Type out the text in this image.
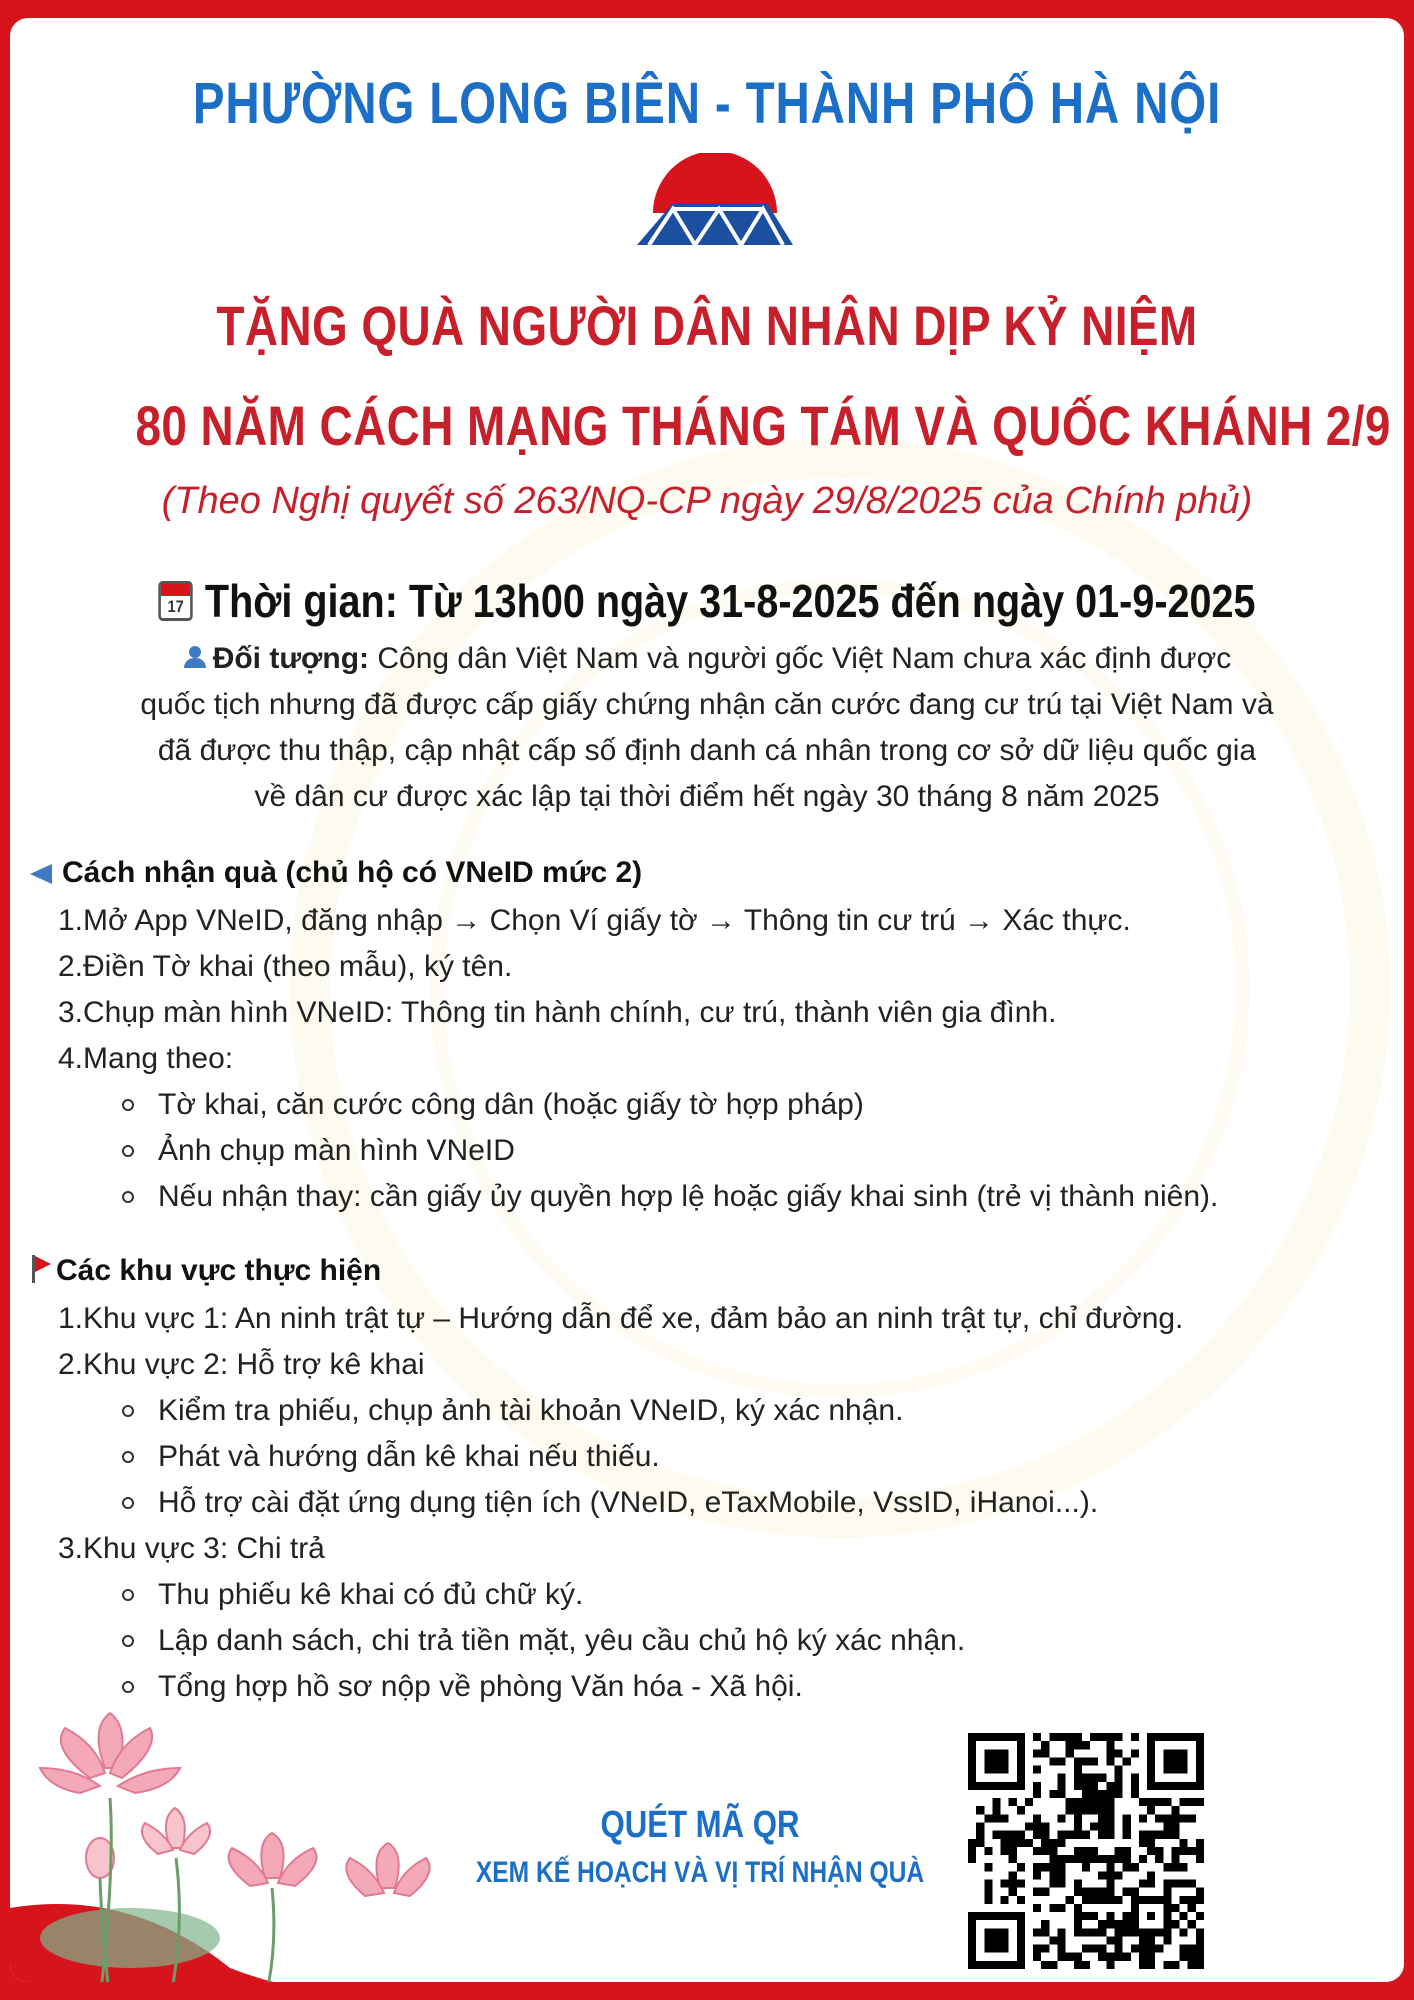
PHƯỜNG LONG BIÊN - THÀNH PHỐ HÀ NỘI
TẶNG QUÀ NGƯỜI DÂN NHÂN DỊP KỶ NIỆM
80 NĂM CÁCH MẠNG THÁNG TÁM VÀ QUỐC KHÁNH 2/9
(Theo Nghị quyết số 263/NQ-CP ngày 29/8/2025 của Chính phủ)
17Thời gian: Từ 13h00 ngày 31-8-2025 đến ngày 01-9-2025
Đối tượng: Công dân Việt Nam và người gốc Việt Nam chưa xác định được
quốc tịch nhưng đã được cấp giấy chứng nhận căn cước đang cư trú tại Việt Nam và
đã được thu thập, cập nhật cấp số định danh cá nhân trong cơ sở dữ liệu quốc gia
về dân cư được xác lập tại thời điểm hết ngày 30 tháng 8 năm 2025
Cách nhận quà (chủ hộ có VNeID mức 2)
1.Mở App VNeID, đăng nhập → Chọn Ví giấy tờ → Thông tin cư trú → Xác thực.
2.Điền Tờ khai (theo mẫu), ký tên.
3.Chụp màn hình VNeID: Thông tin hành chính, cư trú, thành viên gia đình.
4.Mang theo:
Tờ khai, căn cước công dân (hoặc giấy tờ hợp pháp)
Ảnh chụp màn hình VNeID
Nếu nhận thay: cần giấy ủy quyền hợp lệ hoặc giấy khai sinh (trẻ vị thành niên).
Các khu vực thực hiện
1.Khu vực 1: An ninh trật tự – Hướng dẫn để xe, đảm bảo an ninh trật tự, chỉ đường.
2.Khu vực 2: Hỗ trợ kê khai
Kiểm tra phiếu, chụp ảnh tài khoản VNeID, ký xác nhận.
Phát và hướng dẫn kê khai nếu thiếu.
Hỗ trợ cài đặt ứng dụng tiện ích (VNeID, eTaxMobile, VssID, iHanoi...).
3.Khu vực 3: Chi trả
Thu phiếu kê khai có đủ chữ ký.
Lập danh sách, chi trả tiền mặt, yêu cầu chủ hộ ký xác nhận.
Tổng hợp hồ sơ nộp về phòng Văn hóa - Xã hội.
QUÉT MÃ QR
XEM KẾ HOẠCH VÀ VỊ TRÍ NHẬN QUÀ
